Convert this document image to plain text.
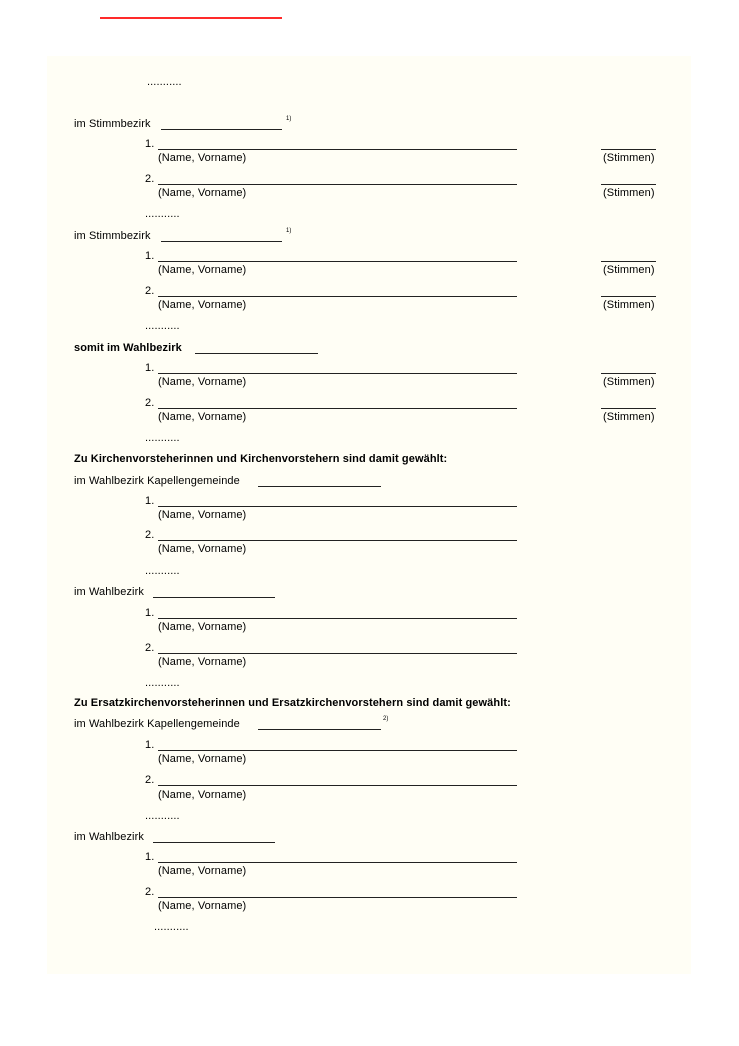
...........
im Stimmbezirk	1)
1.
(Name, Vorname)	(Stimmen)
2.
(Name, Vorname)	(Stimmen)
...........
im Stimmbezirk	1)
1.
(Name, Vorname)	(Stimmen)
2.
(Name, Vorname)	(Stimmen)
...........
somit im Wahlbezirk
1.
(Name, Vorname)	(Stimmen)
2.
(Name, Vorname)	(Stimmen)
...........
Zu Kirchenvorsteherinnen und Kirchenvorstehern sind damit gewählt:
im Wahlbezirk Kapellengemeinde
1.
(Name, Vorname)
2.
(Name, Vorname)
...........
im Wahlbezirk
1.
(Name, Vorname)
2.
(Name, Vorname)
...........
Zu Ersatzkirchenvorsteherinnen und Ersatzkirchenvorstehern sind damit gewählt:
im Wahlbezirk Kapellengemeinde	2)
1.
(Name, Vorname)
2.
(Name, Vorname)
...........
im Wahlbezirk
1.
(Name, Vorname)
2.
(Name, Vorname)
...........
